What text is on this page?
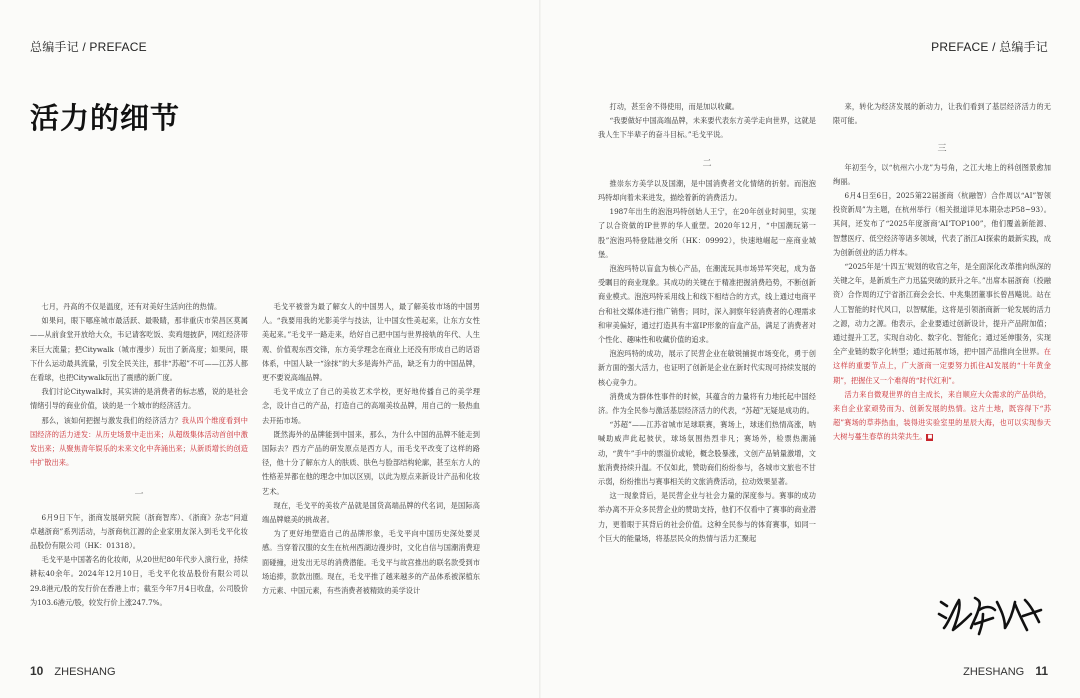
总编手记 / PREFACE	PREFACE / 总编手记
活力的细节

七月，丹高的不仅是温度，还有对美好生活向往的热情。

如果问，眼下哪座城市最活跃、最吸睛，那非重庆市荣昌区莫属——从前食堂开放给大众，韦记请客吃饭、卖鸡翅披萨，网红经济带来巨大流量；把Citywalk（城市漫步）玩出了新高度；如果问，眼下什么运动最具流量，引发全民关注，那非“苏超”不可——江苏人都在看球，也把Citywalk玩出了震感的新广度。

我们讨论Citywalk时，其实讲的是消费者的标志感，说的是社会情绪引导的商业价值，谈的是一个城市的经济活力。

那么，该如何把握与激发我们的经济活力？我从四个维度看到中国经济的活力迸发：从历史场景中走出来；从超级集体活动首创中激发出来；从聚焦青年娱乐的未来文化中奔涌出来；从新质增长的创造中扩散出来。

一

6月9日下午，浙商发展研究院（浙商智库）、《浙商》杂志“问道卓越浙商”系列活动，与浙商杭江源的企业家朋友深入到毛戈平化妆品股份有限公司（HK：01318）。

毛戈平是中国著名的化妆师，从20世纪80年代步入演行业，持续耕耘40余年。2024年12月10日，毛戈平化妆品股份有限公司以29.8港元/股的发行价在香港上市；截至今年7月4日收盘，公司股价为103.6港元/股，较发行价上涨247.7%。

毛戈平被誉为最了解女人的中国男人，最了解美妆市场的中国男人。“我要用我的光影美学与技法，让中国女性美起来，让东方女性美起来。”毛戈平一路走来，给好自己把中国与世界接轨的年代、人生观、价值观东西交锋，东方美学理念在商业上还没有形成自己的话语体系，中国人缺一“涂抹”的大多是海外产品，缺乏有力的中国品牌，更不要说高端品牌。

毛戈平成立了自己的美妆艺术学校，更好地传播自己的美学理念，设计自己的产品，打造自己的高端美妆品牌，用自己的一般热血去开拓市场。

既然海外的品牌能到中国来，那么，为什么中国的品牌不能走到国际去？西方产品的研发原点是西方人，而毛戈平改变了这样的路径，他十分了解东方人的肤质、肤色与脸部结构轮廓，甚至东方人的性格差异都在他的理念中加以区别，以此为原点来新设计产品和化妆艺术。

现在，毛戈平的美妆产品就是国货高端品牌的代名词，是国际高端品牌媲美的挑战者。

为了更好地塑造自己的品牌形象，毛戈平向中国历史深处要灵感。当穿着汉服的女生在杭州西湖边漫步时，文化自信与国潮消费迎面碰撞，迸发出无尽的消费潜能。毛戈平与故宫推出的联名款受到市场追捧，款款出圈。现在，毛戈平推了越来越多的产品体系被深植东方元素、中国元素，有些消费者被精致的美学设计

打动，甚至舍不得使用，而是加以收藏。

“我要做好中国高端品牌，未来要代表东方美学走向世界，这就是我人生下半辈子的奋斗目标。”毛戈平说。

二

推崇东方美学以及国潮，是中国消费者文化情绪的折射。而泡泡玛特却向着未来进发，描绘着新的消费活力。

1987年出生的泡泡玛特创始人王宁，在20年创业时间里，实现了以合资做的IP世界的华人重塑。2020年12月，“中国潮玩第一股”泡泡玛特登陆港交所（HK：09992），快速地崛起一座商业城堡。

泡泡玛特以盲盒为核心产品，在潮流玩具市场异军突起，成为备受瞩目的商业现象。其成功的关键在于精准把握消费趋势，不断创新商业模式。泡泡玛特采用线上和线下相结合的方式，线上通过电商平台和社交媒体进行推广销售；同时，深入洞察年轻消费者的心理需求和审美偏好，通过打造具有丰富IP形象的盲盒产品，满足了消费者对个性化、趣味性和收藏价值的追求。

泡泡玛特的成功，展示了民营企业在敏锐捕捉市场变化，勇于创新方面的强大活力，也证明了创新是企业在新时代实现可持续发展的核心竞争力。

消费成为群体性事件的时候，其蕴含的力量将有力地托起中国经济。作为全民参与激活基层经济活力的代表，“苏超”无疑是成功的。

“苏超”——江苏省城市足球联赛，赛场上，球迷们热情高涨，呐喊助威声此起彼伏，球场氛围热烈非凡；赛场外，检票热潮涌动，“黄牛”手中的票溢价或轮，概念股暴涨，文创产品销量激增，文旅消费持续升温。不仅如此，赞助商们纷纷参与，各城市文旅也不甘示弱，纷纷推出与赛事相关的文旅消费活动，拉动效果显著。

这一现象背后，是民营企业与社会力量的深度参与。赛事的成功举办离不开众多民营企业的赞助支持，他们不仅看中了赛事的商业潜力，更着眼于其背后的社会价值。这种全民参与的体育赛事，如同一个巨大的能量场，将基层民众的热情与活力汇聚起

来，转化为经济发展的新动力，让我们看到了基层经济活力的无限可能。

三

年初至今，以“杭州六小龙”为号角，之江大地上的科创图景愈加绚丽。

6月4日至6日，2025第22届浙商（杭融智）合作周以“AI”智领 投资新局”为主题，在杭州举行（相关报道详见本期杂志P58~93）。其间，还发布了“2025年度浙商‘AI’TOP100”，他们覆盖新能源、智慧医疗、低空经济等诸多领域，代表了浙江AI探索的最新实践，成为创新创业的活力样本。

“2025年是‘十四五’规划的收官之年，是全面深化改革推向纵深的关键之年，是新质生产力迅猛突破的跃升之年。”出席本届浙商（投融资）合作周的辽宁省浙江商会会长、中兆集团董事长曾昌飚说。站在人工智能的时代风口，以智赋能，这将是引领浙商新一轮发展的活力之源，动力之源。他表示，企业要通过创新设计，提升产品附加值；通过提升工艺，实现自动化、数字化、智能化；通过延伸服务，实现全产业链的数字化转型；通过拓展市场，把中国产品推向全世界。在这样的重要节点上，广大浙商一定要努力抓住AI发展的“十年黄金期”，把握住又一个难得的“时代红利”。

活力来自微观世界的自主成长，来自顺应大众需求的产品供给，来自企业家顽势而为、创新发展的热情。这片土地，既容得下“苏超”赛场的草莽热血，装得进实验室里的星辰大海，也可以实现参天大树与蔓生春草的共荣共生。■

10 ZHESHANG	ZHESHANG 11
